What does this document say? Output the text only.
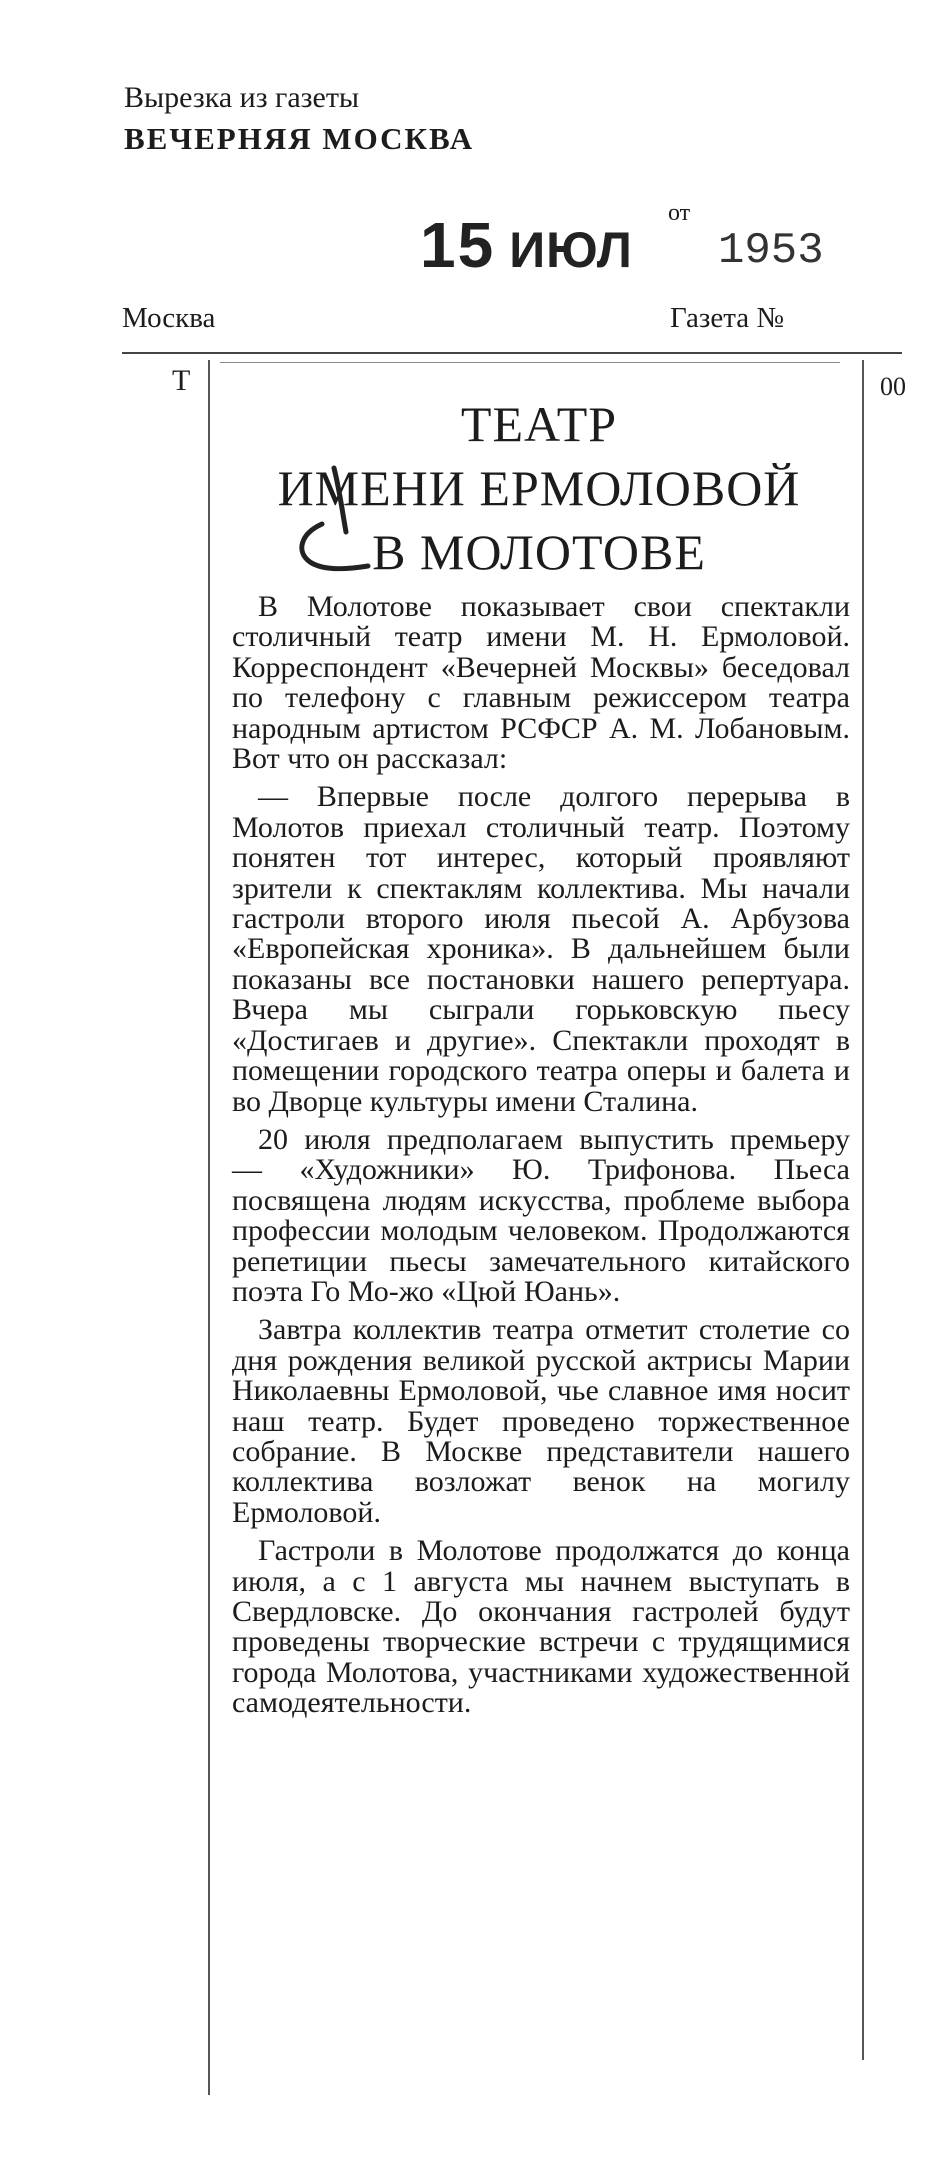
Вырезка из газеты
ВЕЧЕРНЯЯ МОСКВА
15 ИЮЛ
от
1953
Москва	Газета №
Т	00
ТЕАТР
ИМЕНИ ЕРМОЛОВОЙ
В МОЛОТОВЕ

В Молотове показывает свои спектакли столичный театр имени М. Н. Ермоловой. Корреспондент «Вечерней Москвы» беседовал по телефону с главным режиссером театра народным артистом РСФСР А. М. Лобановым. Вот что он рассказал:

— Впервые после долгого перерыва в Молотов приехал столичный театр. Поэтому понятен тот интерес, который проявляют зрители к спектаклям коллектива. Мы начали гастроли второго июля пьесой А. Арбузова «Европейская хроника». В дальнейшем были показаны все постановки нашего репертуара. Вчера мы сыграли горьковскую пьесу «Достигаев и другие». Спектакли проходят в помещении городского театра оперы и балета и во Дворце культуры имени Сталина.

20 июля предполагаем выпустить премьеру — «Художники» Ю. Трифонова. Пьеса посвящена людям искусства, проблеме выбора профессии молодым человеком. Продолжаются репетиции пьесы замечательного китайского поэта Го Мо-жо «Цюй Юань».

Завтра коллектив театра отметит столетие со дня рождения великой русской актрисы Марии Николаевны Ермоловой, чье славное имя носит наш театр. Будет проведено торжественное собрание. В Москве представители нашего коллектива возложат венок на могилу Ермоловой.

Гастроли в Молотове продолжатся до конца июля, а с 1 августа мы начнем выступать в Свердловске. До окончания гастролей будут проведены творческие встречи с трудящимися города Молотова, участниками художественной самодеятельности.
